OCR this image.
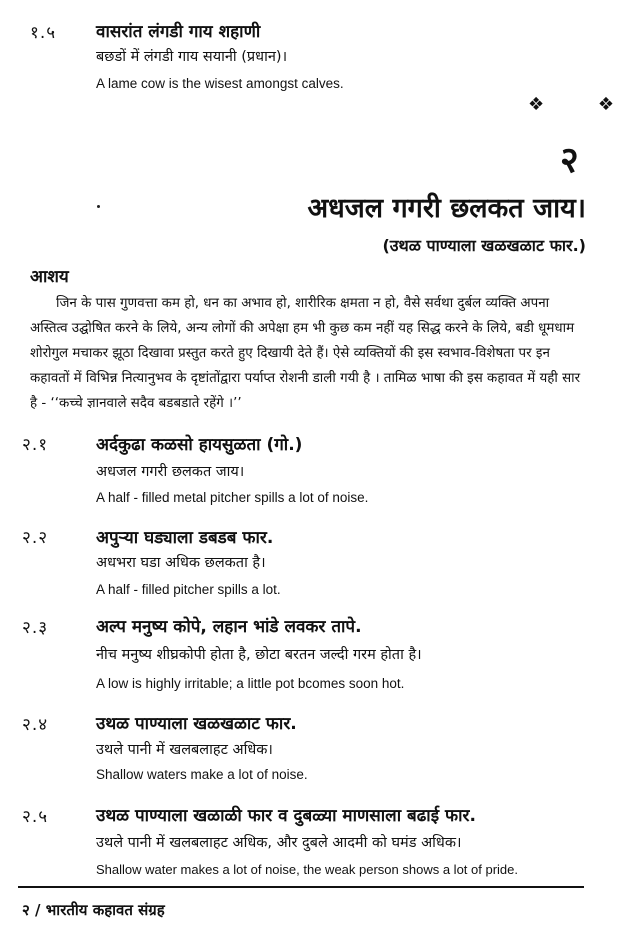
१.५ वासरांत लंगडी गाय शहाणी
बछडों में लंगडी गाय सयानी (प्रधान)।
A lame cow is the wisest amongst calves.
❖ ❖
२
अधजल गगरी छलकत जाय।
(उथळ पाण्याला खळखळाट फार.)
आशय
जिन के पास गुणवत्ता कम हो, धन का अभाव हो, शारीरिक क्षमता न हो, वैसे सर्वथा दुर्बल व्यक्ति अपना अस्तित्व उद्घोषित करने के लिये, अन्य लोगों की अपेक्षा हम भी कुछ कम नहीं यह सिद्ध करने के लिये, बडी धूमधाम शोरोगुल मचाकर झूठा दिखावा प्रस्तुत करते हुए दिखायी देते हैं। ऐसे व्यक्तियों की इस स्वभाव-विशेषता पर इन कहावतों में विभिन्न नित्यानुभव के दृष्टांतोंद्वारा पर्याप्त रोशनी डाली गयी है । तामिळ भाषा की इस कहावत में यही सार है - ‘‘कच्चे ज्ञानवाले सदैव बडबडाते रहेंगे ।’’
२.१	अर्दकुढा कळसो हायसुळता (गो.)
अधजल गगरी छलकत जाय।
A half - filled metal pitcher spills a lot of noise.
२.२	अपुऱ्या घड्याला डबडब फार.
अधभरा घडा अधिक छलकता है।
A half - filled pitcher spills a lot.
२.३	अल्प मनुष्य कोपे, लहान भांडे लवकर तापे.
नीच मनुष्य शीघ्रकोपी होता है, छोटा बरतन जल्दी गरम होता है।
A low is highly irritable; a little pot bcomes soon hot.
२.४	उथळ पाण्याला खळखळाट फार.
उथले पानी में खलबलाहट अधिक।
Shallow waters make a lot of noise.
२.५	उथळ पाण्याला खळाळी फार व दुबळ्या माणसाला बढाई फार.
उथले पानी में खलबलाहट अधिक, और दुबले आदमी को घमंड अधिक।
Shallow water makes a lot of noise, the weak person shows a lot of pride.
२ / भारतीय कहावत संग्रह
